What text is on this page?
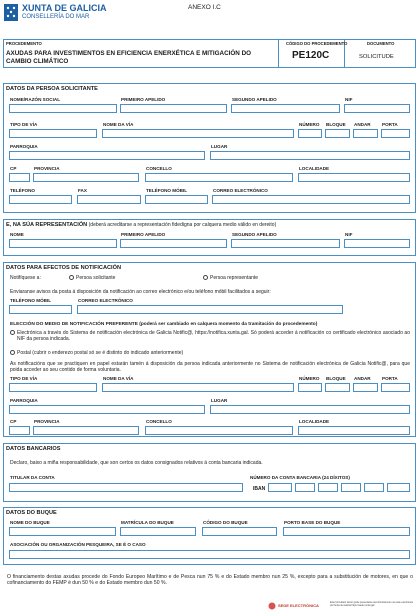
XUNTA DE GALICIA
CONSELLERÍA DO MAR
ANEXO I.C
PROCEDEMENTO
AXUDAS PARA INVESTIMENTOS EN EFICIENCIA ENERXÉTICA E MITIGACIÓN DO CAMBIO CLIMÁTICO
CÓDIGO DO PROCEDEMENTO
PE120C
DOCUMENTO
SOLICITUDE
DATOS DA PERSOA SOLICITANTE
NOME/RAZÓN SOCIAL	PRIMEIRO APELIDO	SEGUNDO APELIDO	NIF
TIPO DE VÍA	NOME DA VÍA	NÚMERO BLOQUE ANDAR PORTA
PARROQUIA	LUGAR
CP	PROVINCIA	CONCELLO	LOCALIDADE
TELÉFONO	FAX	TELÉFONO MÓBIL	CORREO ELECTRÓNICO
E, NA SÚA REPRESENTACIÓN (deberá acreditarse a representación fidedigna por calquera medio válido en dereito)
NOME	PRIMEIRO APELIDO	SEGUNDO APELIDO	NIF
DATOS PARA EFECTOS DE NOTIFICACIÓN
Notifíquese a:	Persoa solicitante	Persoa representante
Enviaranse avisos da posta á disposición da notificación ao correo electrónico e/ou teléfono móbil facilitados a seguir:
TELÉFONO MÓBIL	CORREO ELECTRÓNICO
ELECCIÓN DO MEDIO DE NOTIFICACIÓN PREFERENTE (poderá ser cambiado en calquera momento da tramitación do procedemento)
Electrónica a través do Sistema de notificación electrónica de Galicia Notific@, https://notifica.xunta.gal. Só poderá acceder á notificación co certificado electrónico asociado ao NIF da persoa indicada.
Postal (cubrir o enderezo postal só se é distinto do indicado anteriormente)
As notificacións que se practiquen en papel estarán tamén á disposición da persoa indicada anteriormente no Sistema de notificación electrónica de Galicia Notific@, para que poida acceder ao seu contido de forma voluntaria.
TIPO DE VÍA	NOME DA VÍA	NÚMERO BLOQUE ANDAR PORTA
PARROQUIA	LUGAR
CP	PROVINCIA	CONCELLO	LOCALIDADE
DATOS BANCARIOS
Declaro, baixo a miña responsabilidade, que son certos os datos consignados relativos á conta bancaria indicada.
TITULAR DA CONTA	NÚMERO DA CONTA BANCARIA (24 DÍXITOS)
IBAN
DATOS DO BUQUE
NOME DO BUQUE	MATRÍCULA DO BUQUE	CÓDIGO DO BUQUE	PORTO BASE DO BUQUE
ASOCIACIÓN OU ORGANIZACIÓN PESQUEIRA, SE É O CASO
O financiamento destas axudas procede do Fondo Europeo Marítimo e de Pesca nun 75 % e do Estado membro nun 25 %, excepto para a substitución de motores, en que o cofinanciamento do FEMP é dun 50 % e do Estado membro dun 50 %.
SEDE ELECTRÓNICA
Este formulario tamén pode presentarse electrónicamente na sede electrónica da Xunta de Galicia https://sede.xunta.gal
